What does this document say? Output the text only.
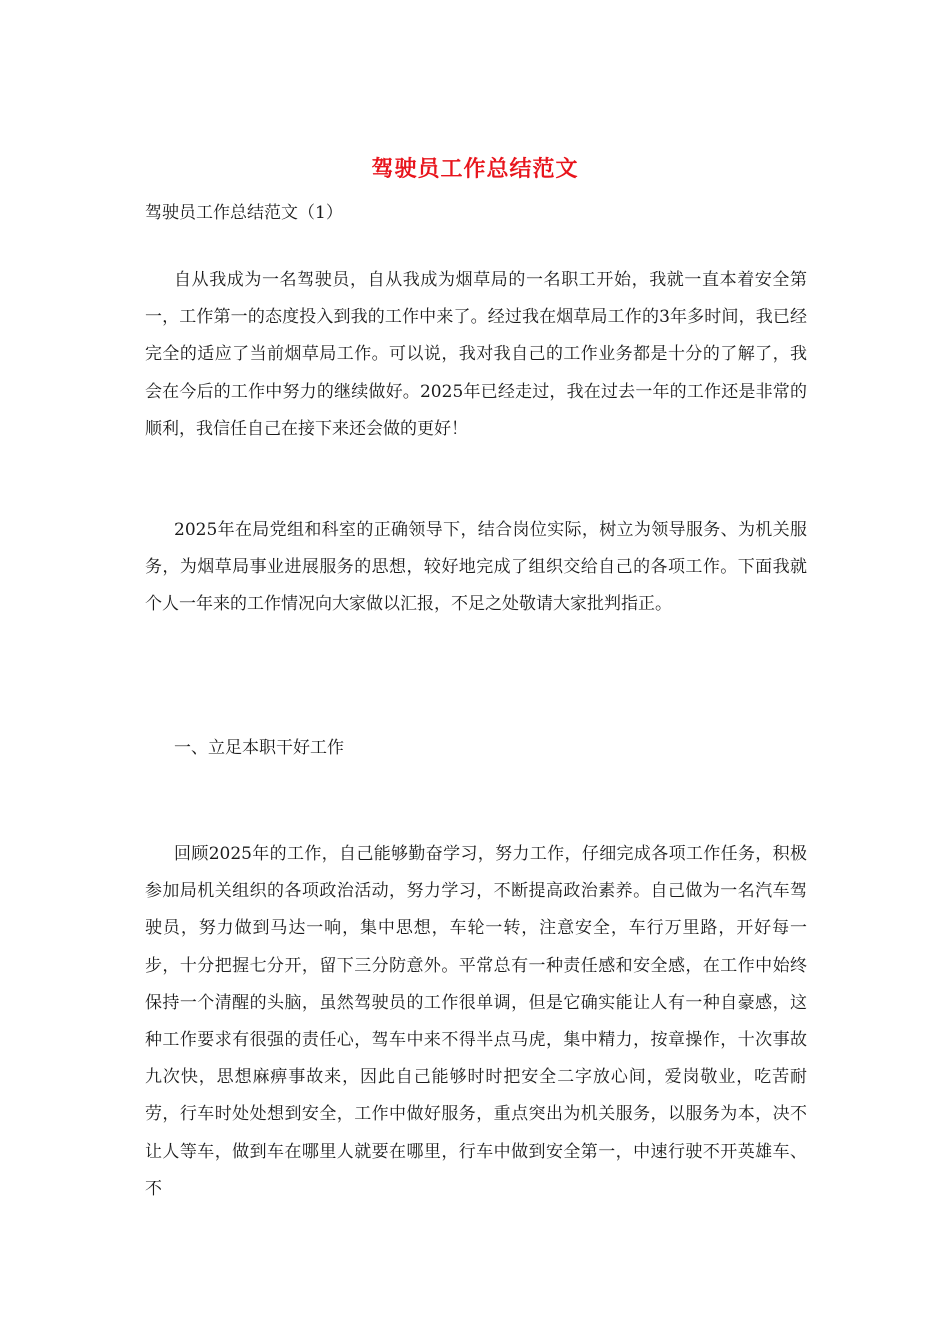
驾驶员工作总结范文

驾驶员工作总结范文（1）

自从我成为一名驾驶员，自从我成为烟草局的一名职工开始，我就一直本着安全第一，工作第一的态度投入到我的工作中来了。经过我在烟草局工作的3年多时间，我已经完全的适应了当前烟草局工作。可以说，我对我自己的工作业务都是十分的了解了，我会在今后的工作中努力的继续做好。2025年已经走过，我在过去一年的工作还是非常的顺利，我信任自己在接下来还会做的更好！

2025年在局党组和科室的正确领导下，结合岗位实际，树立为领导服务、为机关服务，为烟草局事业进展服务的思想，较好地完成了组织交给自己的各项工作。下面我就个人一年来的工作情况向大家做以汇报，不足之处敬请大家批判指正。

一、立足本职干好工作

回顾2025年的工作，自己能够勤奋学习，努力工作，仔细完成各项工作任务，积极参加局机关组织的各项政治活动，努力学习，不断提高政治素养。自己做为一名汽车驾驶员，努力做到马达一响，集中思想，车轮一转，注意安全，车行万里路，开好每一步，十分把握七分开，留下三分防意外。平常总有一种责任感和安全感，在工作中始终保持一个清醒的头脑，虽然驾驶员的工作很单调，但是它确实能让人有一种自豪感，这种工作要求有很强的责任心，驾车中来不得半点马虎，集中精力，按章操作，十次事故九次快，思想麻痹事故来，因此自己能够时时把安全二字放心间，爱岗敬业，吃苦耐劳，行车时处处想到安全，工作中做好服务，重点突出为机关服务，以服务为本，决不让人等车，做到车在哪里人就要在哪里，行车中做到安全第一，中速行驶不开英雄车、不
